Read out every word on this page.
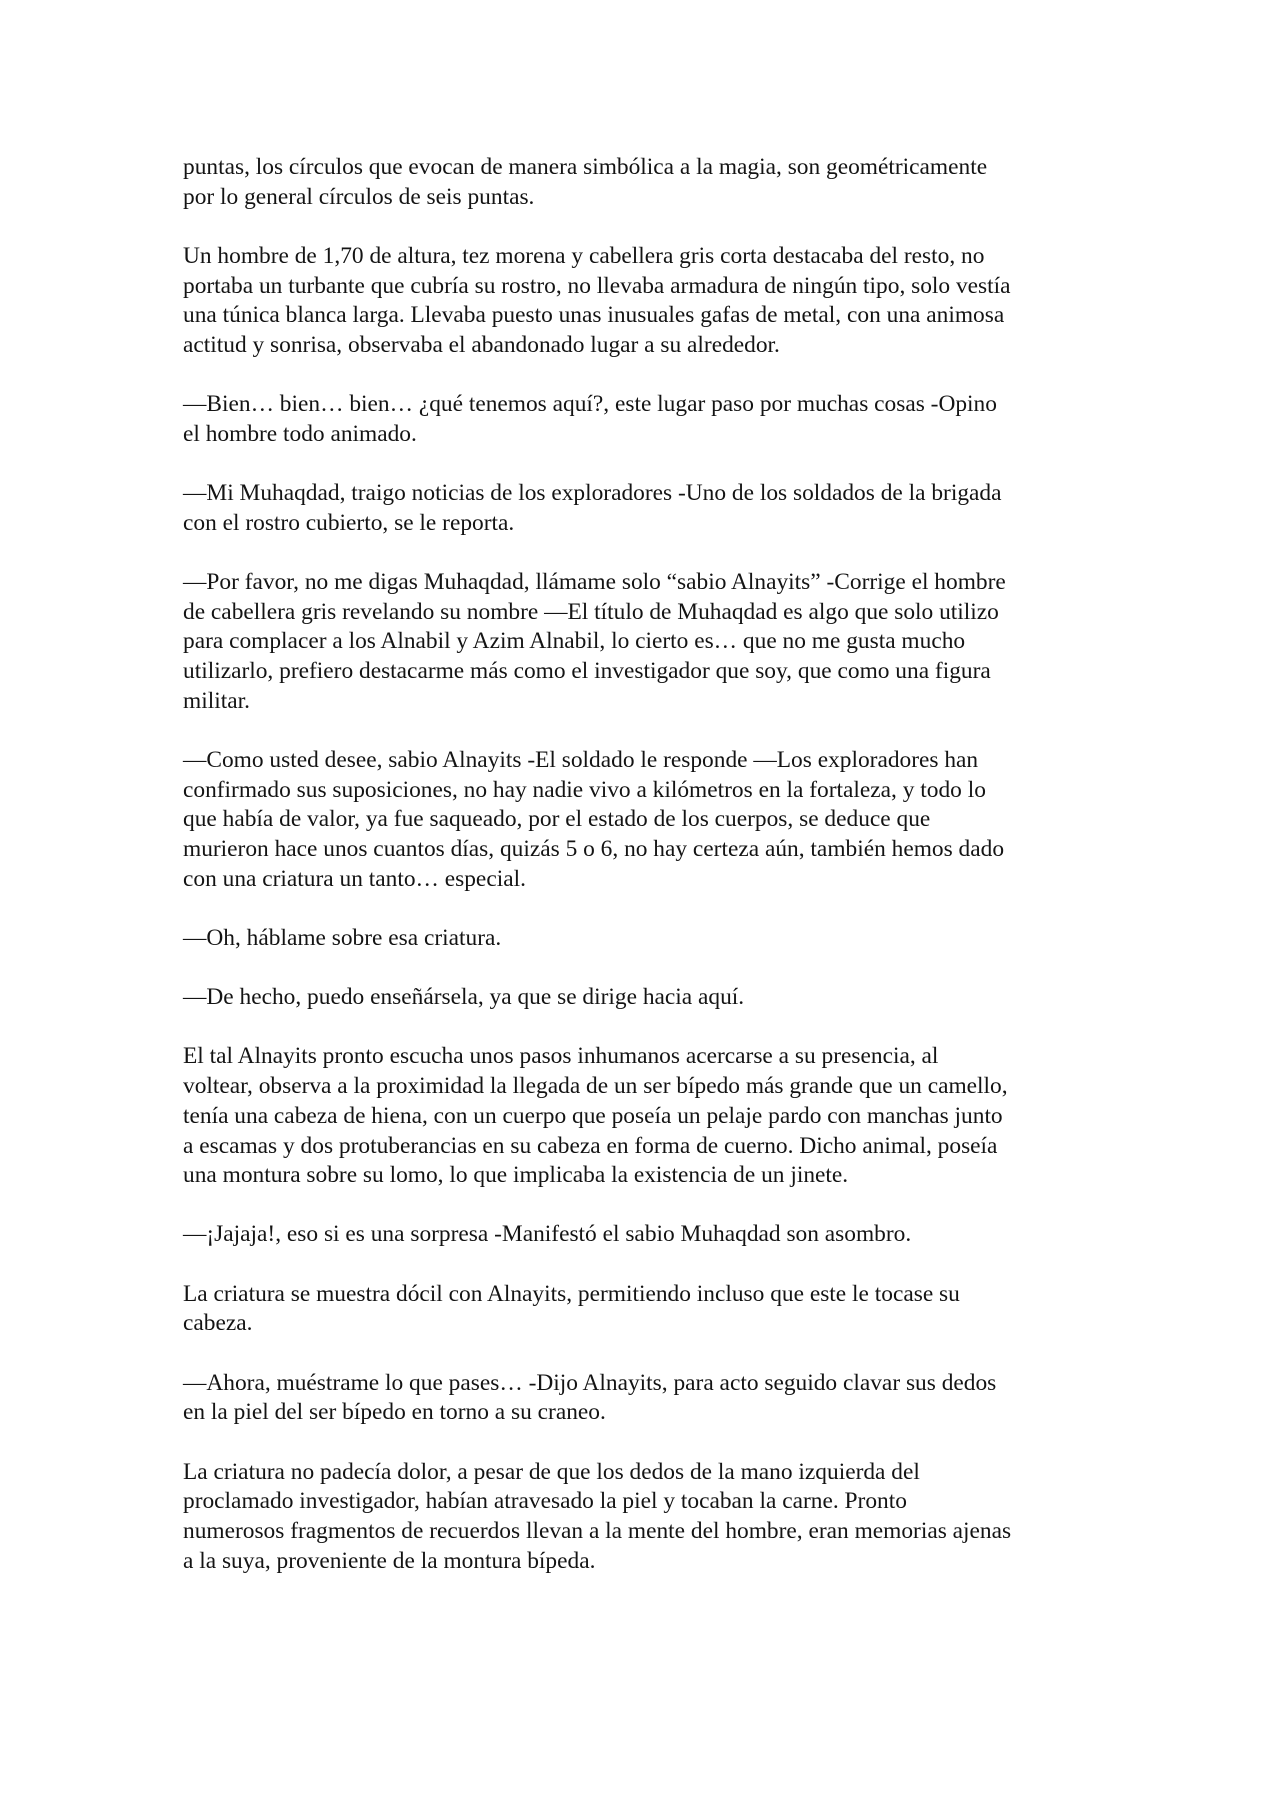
puntas, los círculos que evocan de manera simbólica a la magia, son geométricamente
por lo general círculos de seis puntas.

Un hombre de 1,70 de altura, tez morena y cabellera gris corta destacaba del resto, no
portaba un turbante que cubría su rostro, no llevaba armadura de ningún tipo, solo vestía
una túnica blanca larga. Llevaba puesto unas inusuales gafas de metal, con una animosa
actitud y sonrisa, observaba el abandonado lugar a su alrededor.

—Bien… bien… bien… ¿qué tenemos aquí?, este lugar paso por muchas cosas -Opino
el hombre todo animado.

—Mi Muhaqdad, traigo noticias de los exploradores -Uno de los soldados de la brigada
con el rostro cubierto, se le reporta.

—Por favor, no me digas Muhaqdad, llámame solo “sabio Alnayits” -Corrige el hombre
de cabellera gris revelando su nombre —El título de Muhaqdad es algo que solo utilizo
para complacer a los Alnabil y Azim Alnabil, lo cierto es… que no me gusta mucho
utilizarlo, prefiero destacarme más como el investigador que soy, que como una figura
militar.

—Como usted desee, sabio Alnayits -El soldado le responde —Los exploradores han
confirmado sus suposiciones, no hay nadie vivo a kilómetros en la fortaleza, y todo lo
que había de valor, ya fue saqueado, por el estado de los cuerpos, se deduce que
murieron hace unos cuantos días, quizás 5 o 6, no hay certeza aún, también hemos dado
con una criatura un tanto… especial.

—Oh, háblame sobre esa criatura.

—De hecho, puedo enseñársela, ya que se dirige hacia aquí.

El tal Alnayits pronto escucha unos pasos inhumanos acercarse a su presencia, al
voltear, observa a la proximidad la llegada de un ser bípedo más grande que un camello,
tenía una cabeza de hiena, con un cuerpo que poseía un pelaje pardo con manchas junto
a escamas y dos protuberancias en su cabeza en forma de cuerno. Dicho animal, poseía
una montura sobre su lomo, lo que implicaba la existencia de un jinete.

—¡Jajaja!, eso si es una sorpresa -Manifestó el sabio Muhaqdad son asombro.

La criatura se muestra dócil con Alnayits, permitiendo incluso que este le tocase su
cabeza.

—Ahora, muéstrame lo que pases… -Dijo Alnayits, para acto seguido clavar sus dedos
en la piel del ser bípedo en torno a su craneo.

La criatura no padecía dolor, a pesar de que los dedos de la mano izquierda del
proclamado investigador, habían atravesado la piel y tocaban la carne. Pronto
numerosos fragmentos de recuerdos llevan a la mente del hombre, eran memorias ajenas
a la suya, proveniente de la montura bípeda.
